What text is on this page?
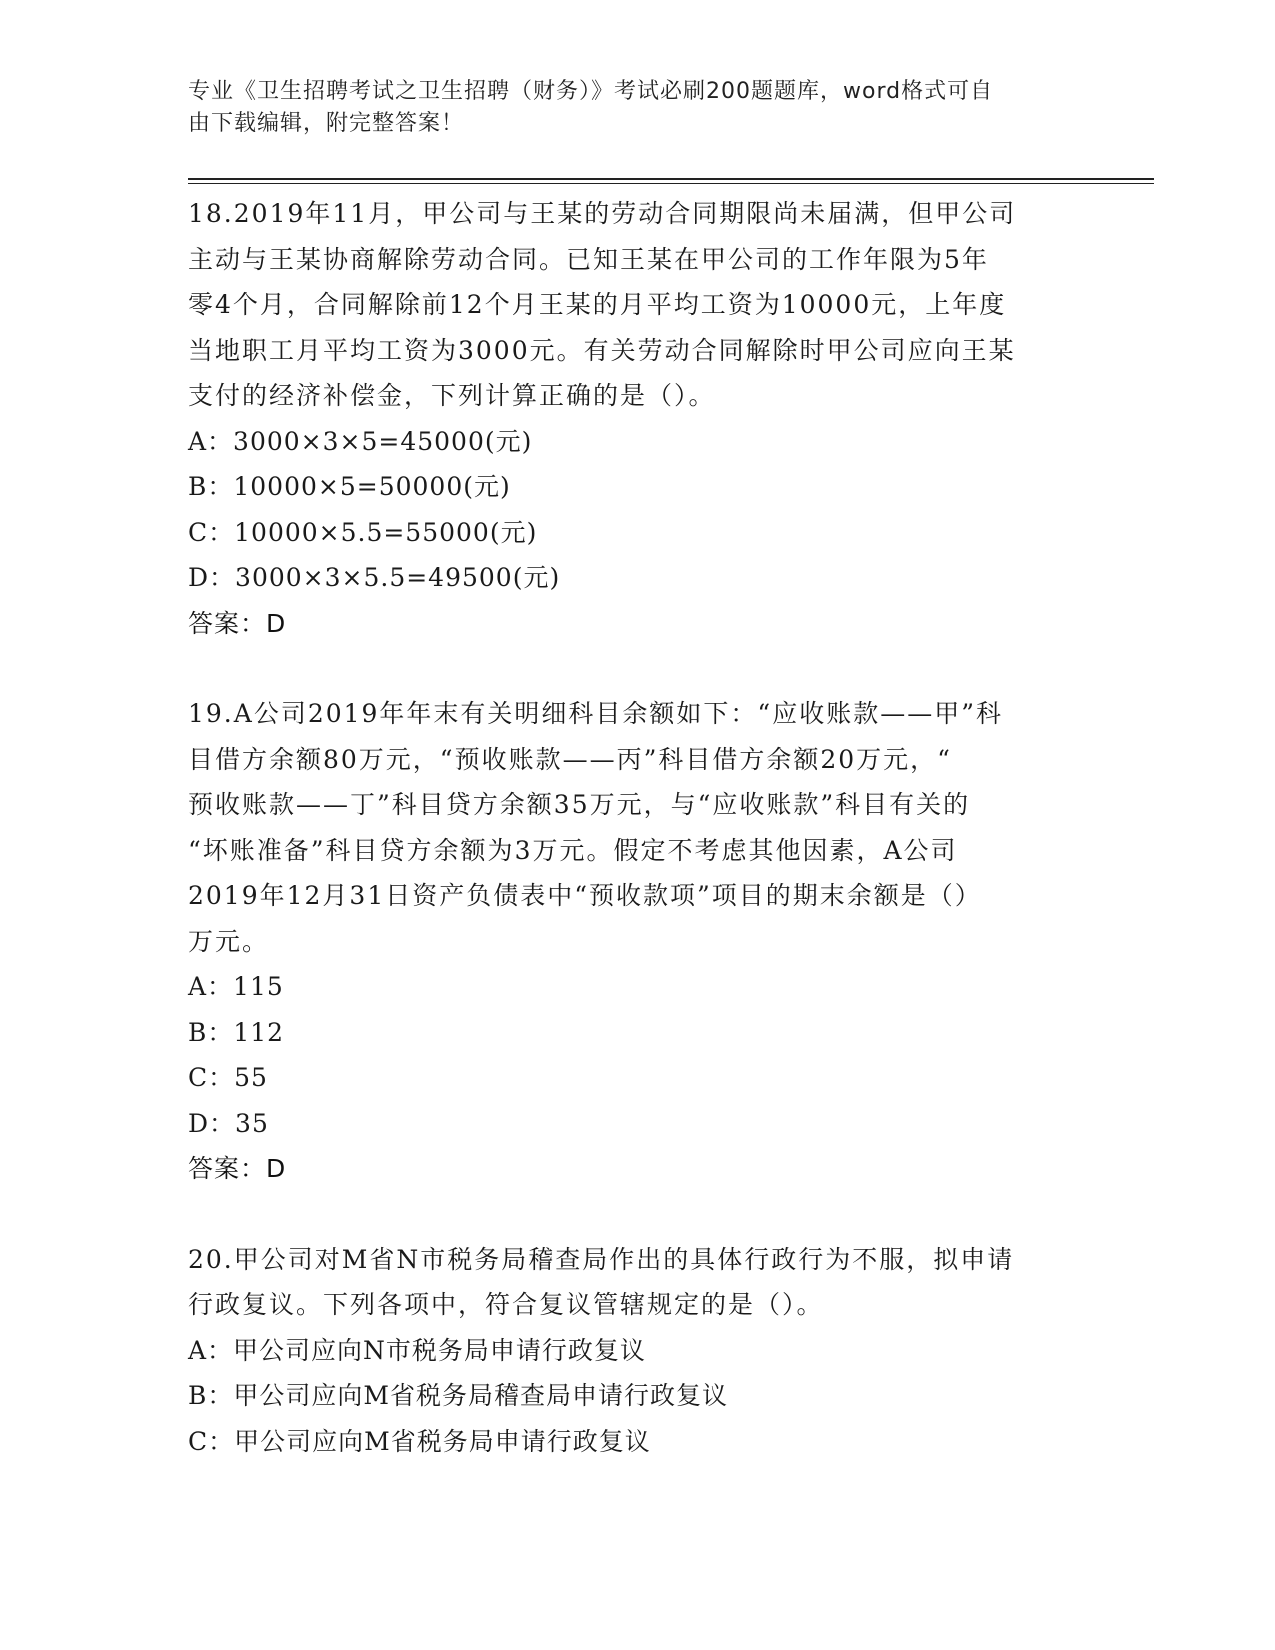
专业《卫生招聘考试之卫生招聘（财务）》考试必刷200题题库，word格式可自
由下载编辑，附完整答案！

18.2019年11月，甲公司与王某的劳动合同期限尚未届满，但甲公司

主动与王某协商解除劳动合同。已知王某在甲公司的工作年限为5年

零4个月，合同解除前12个月王某的月平均工资为10000元，上年度

当地职工月平均工资为3000元。有关劳动合同解除时甲公司应向王某

支付的经济补偿金，下列计算正确的是（）。

A：3000×3×5=45000(元)

B：10000×5=50000(元)

C：10000×5.5=55000(元)

D：3000×3×5.5=49500(元)

答案：D

19.A公司2019年年末有关明细科目余额如下：“应收账款——甲”科

目借方余额80万元，“预收账款——丙”科目借方余额20万元，“

预收账款——丁”科目贷方余额35万元，与“应收账款”科目有关的

“坏账准备”科目贷方余额为3万元。假定不考虑其他因素，A公司

2019年12月31日资产负债表中“预收款项”项目的期末余额是（）

万元。

A：115

B：112

C：55

D：35

答案：D

20.甲公司对M省N市税务局稽查局作出的具体行政行为不服，拟申请

行政复议。下列各项中，符合复议管辖规定的是（）。

A：甲公司应向N市税务局申请行政复议

B：甲公司应向M省税务局稽查局申请行政复议

C：甲公司应向M省税务局申请行政复议
